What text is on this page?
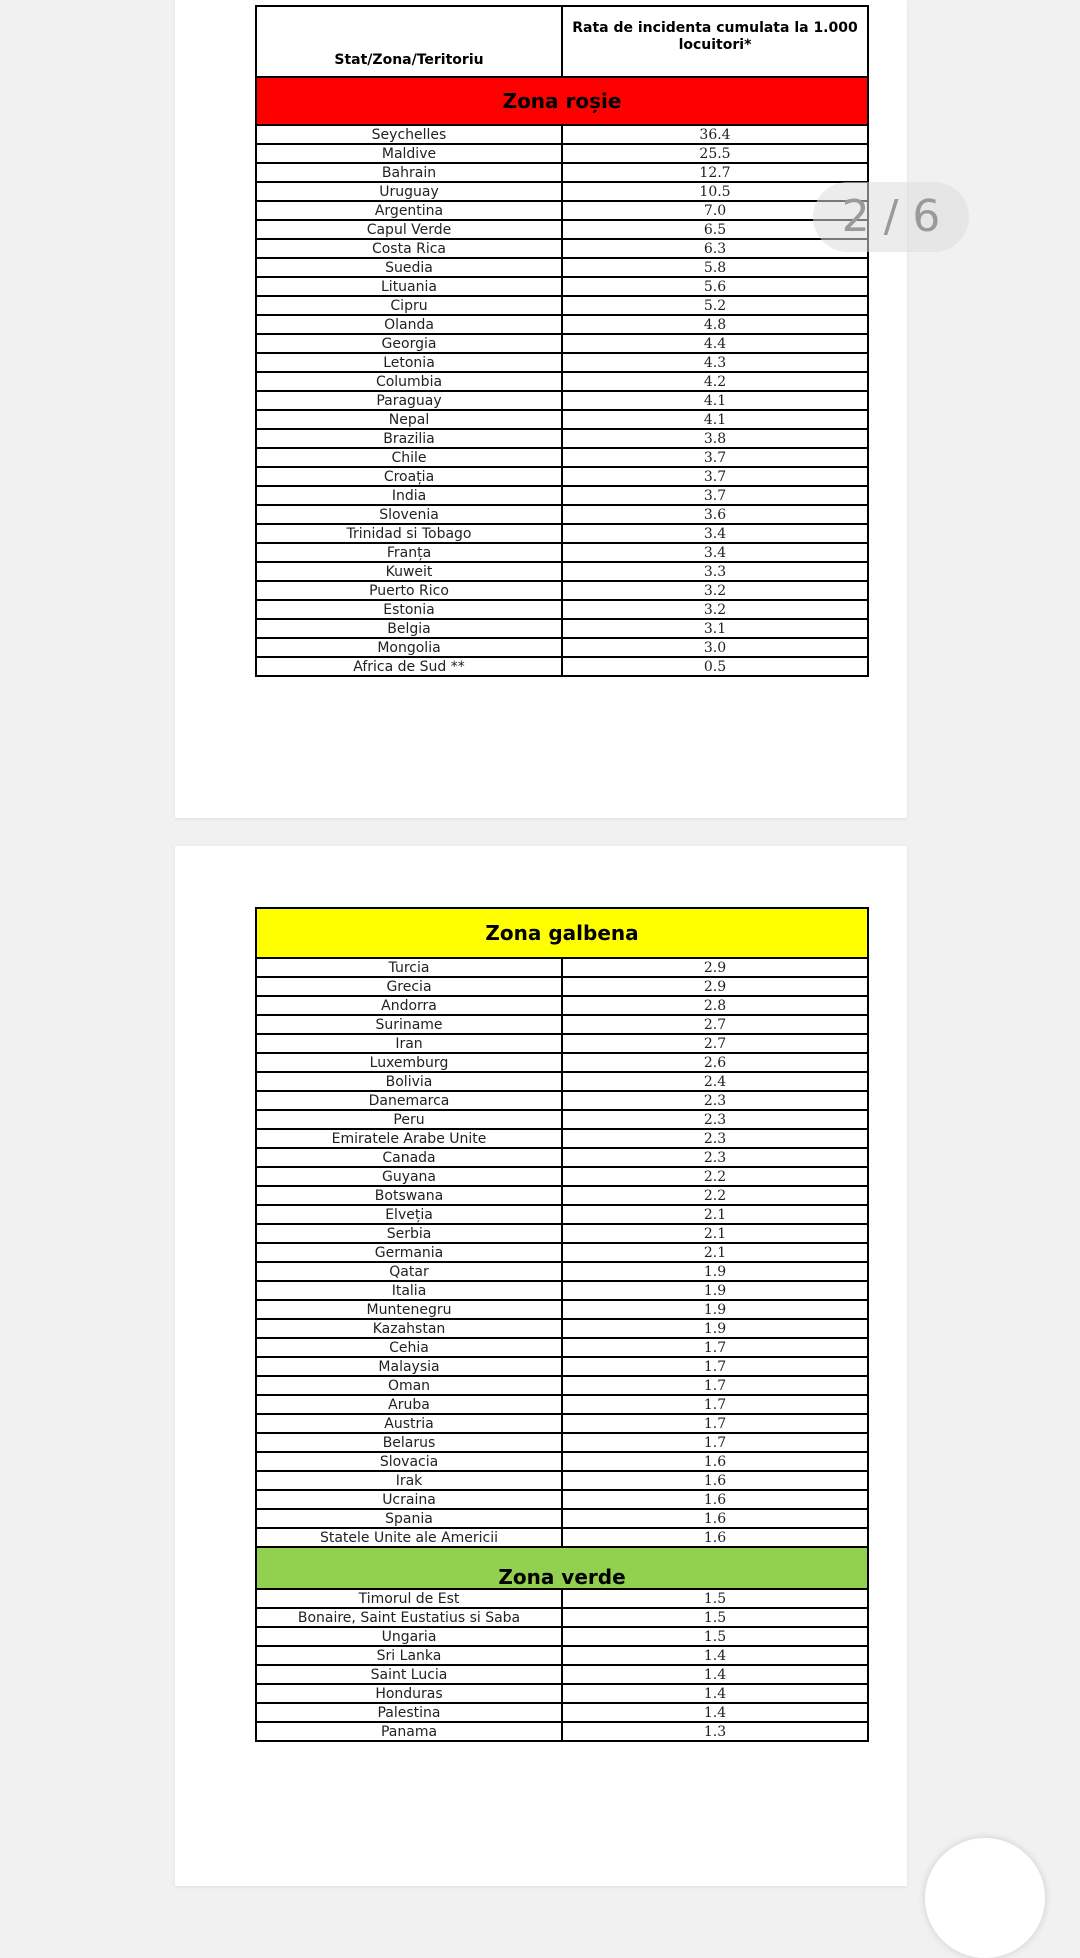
Stat/Zona/Teritoriu	Rata de incidenta cumulata la 1.000 locuitori*
Zona roșie	
Seychelles	36.4
Maldive	25.5
Bahrain	12.7
Uruguay	10.5
Argentina	7.0
Capul Verde	6.5
Costa Rica	6.3
Suedia	5.8
Lituania	5.6
Cipru	5.2
Olanda	4.8
Georgia	4.4
Letonia	4.3
Columbia	4.2
Paraguay	4.1
Nepal	4.1
Brazilia	3.8
Chile	3.7
Croația	3.7
India	3.7
Slovenia	3.6
Trinidad si Tobago	3.4
Franța	3.4
Kuweit	3.3
Puerto Rico	3.2
Estonia	3.2
Belgia	3.1
Mongolia	3.0
Africa de Sud **	0.5
Zona galbena	
Turcia	2.9
Grecia	2.9
Andorra	2.8
Suriname	2.7
Iran	2.7
Luxemburg	2.6
Bolivia	2.4
Danemarca	2.3
Peru	2.3
Emiratele Arabe Unite	2.3
Canada	2.3
Guyana	2.2
Botswana	2.2
Elveția	2.1
Serbia	2.1
Germania	2.1
Qatar	1.9
Italia	1.9
Muntenegru	1.9
Kazahstan	1.9
Cehia	1.7
Malaysia	1.7
Oman	1.7
Aruba	1.7
Austria	1.7
Belarus	1.7
Slovacia	1.6
Irak	1.6
Ucraina	1.6
Spania	1.6
Statele Unite ale Americii	1.6
Zona verde	
Timorul de Est	1.5
Bonaire, Saint Eustatius si Saba	1.5
Ungaria	1.5
Sri Lanka	1.4
Saint Lucia	1.4
Honduras	1.4
Palestina	1.4
Panama	1.3
2 / 6
